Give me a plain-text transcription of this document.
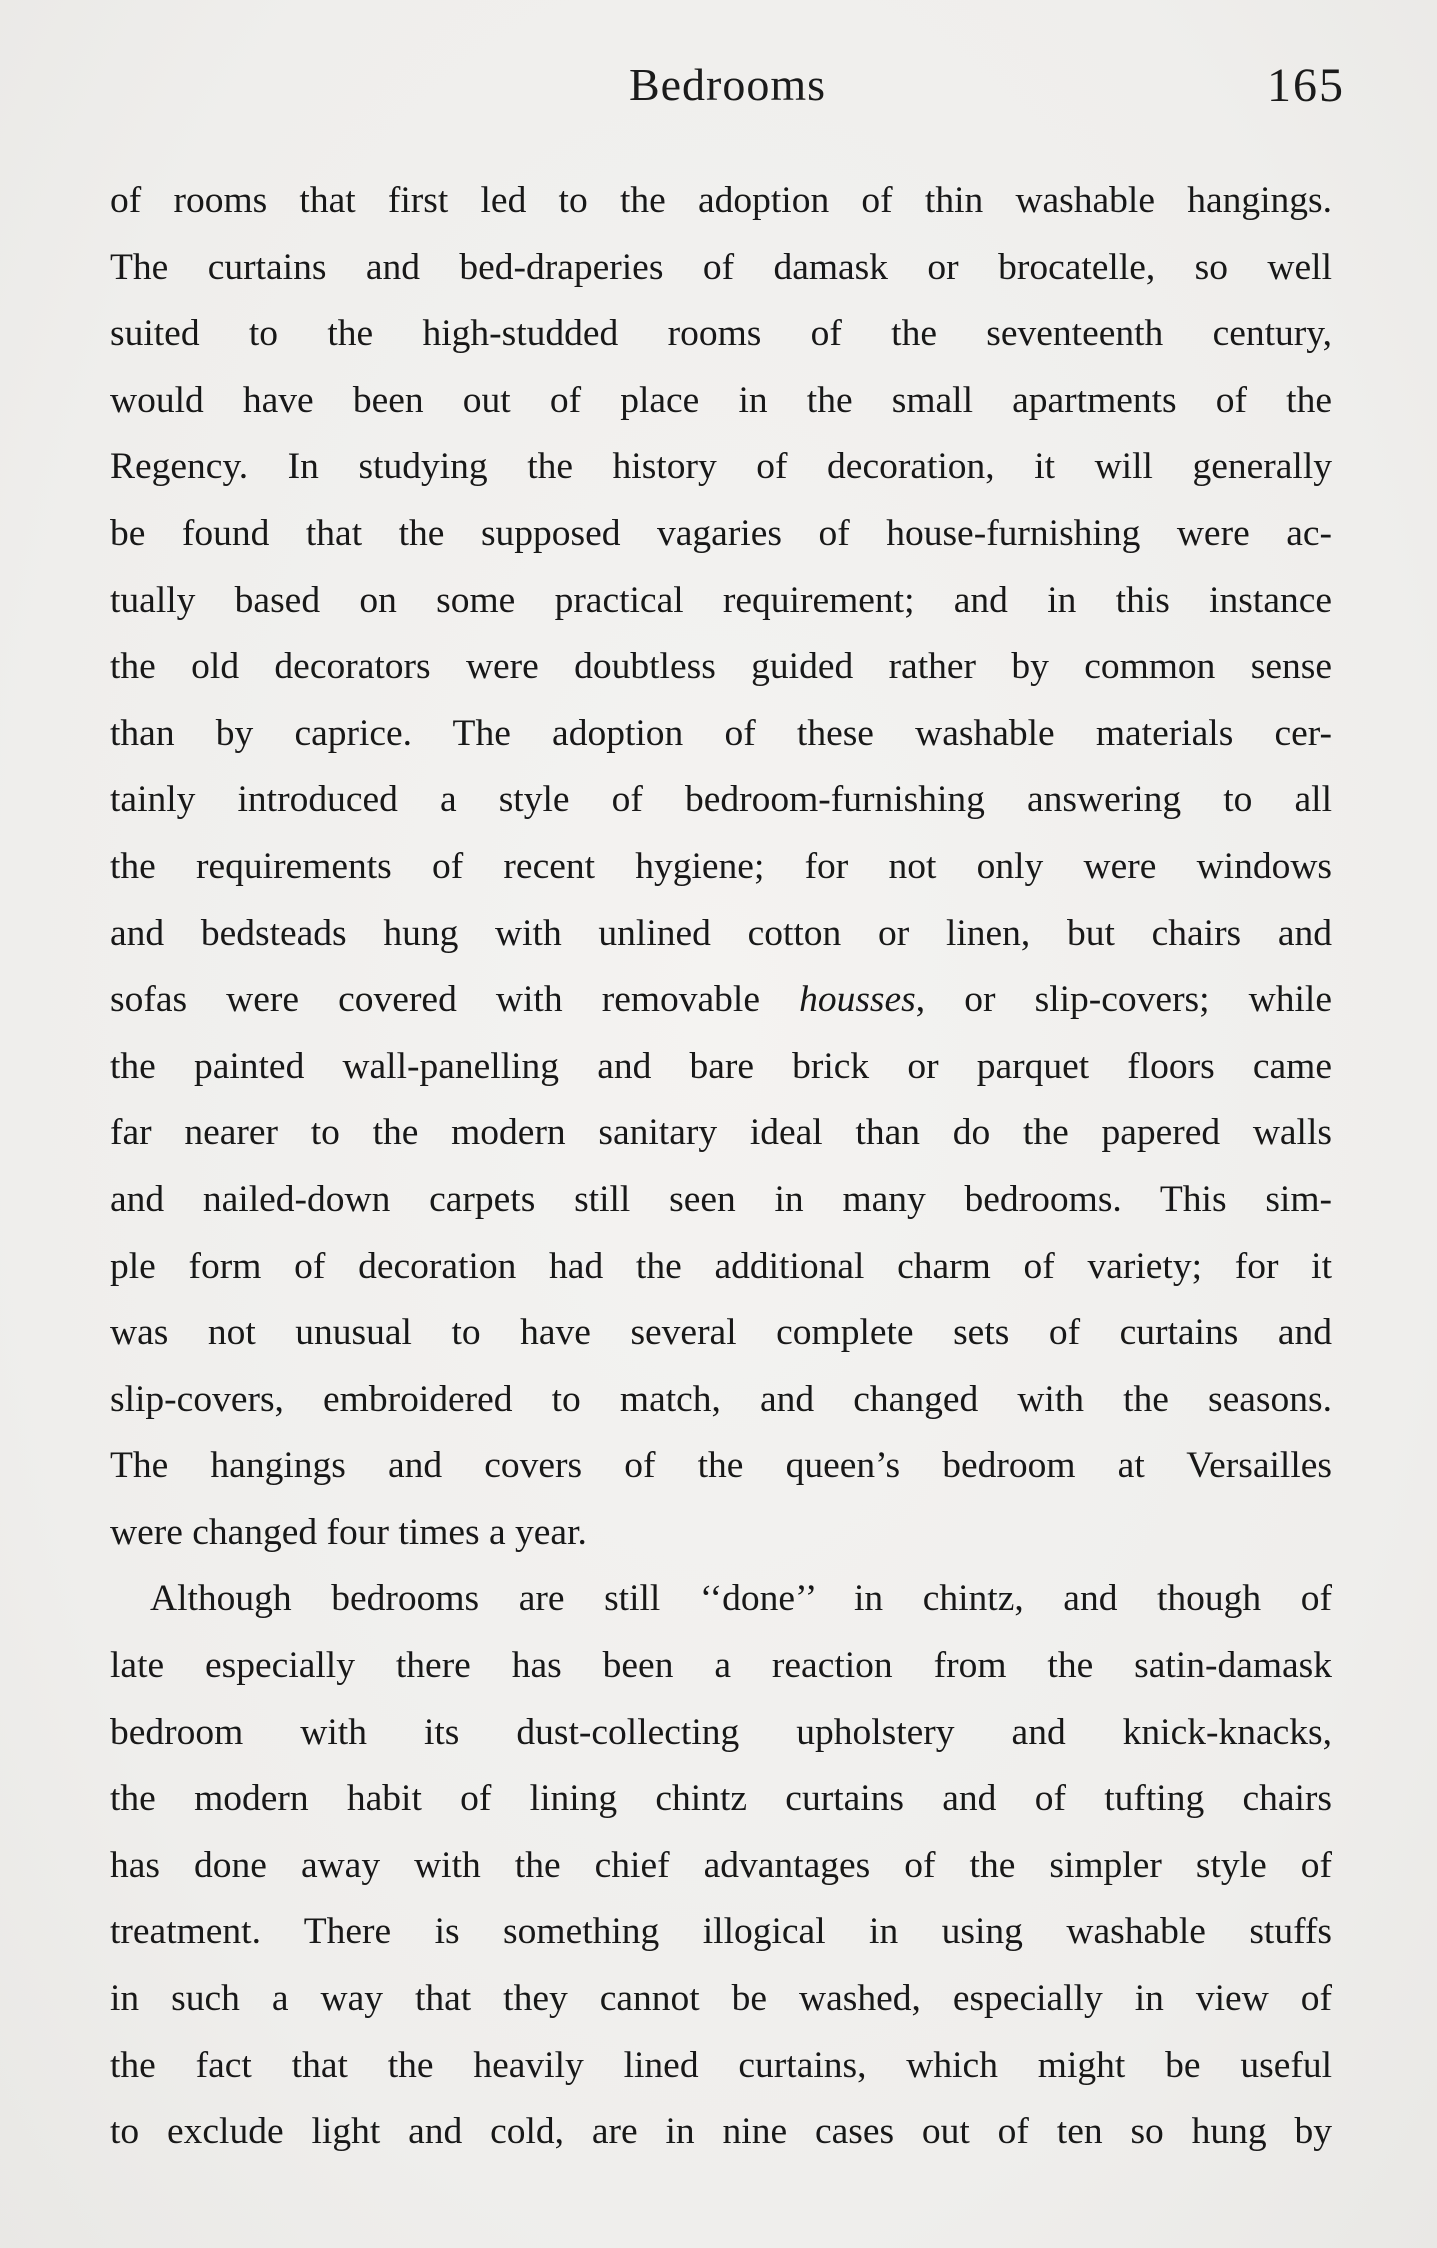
Bedrooms	165
of rooms that first led to the adoption of thin washable hangings.
The curtains and bed-draperies of damask or brocatelle, so well
suited to the high-studded rooms of the seventeenth century,
would have been out of place in the small apartments of the
Regency. In studying the history of decoration, it will generally
be found that the supposed vagaries of house-furnishing were ac-
tually based on some practical requirement; and in this instance
the old decorators were doubtless guided rather by common sense
than by caprice. The adoption of these washable materials cer-
tainly introduced a style of bedroom-furnishing answering to all
the requirements of recent hygiene; for not only were windows
and bedsteads hung with unlined cotton or linen, but chairs and
sofas were covered with removable housses, or slip-covers; while
the painted wall-panelling and bare brick or parquet floors came
far nearer to the modern sanitary ideal than do the papered walls
and nailed-down carpets still seen in many bedrooms. This sim-
ple form of decoration had the additional charm of variety; for it
was not unusual to have several complete sets of curtains and
slip-covers, embroidered to match, and changed with the seasons.
The hangings and covers of the queen’s bedroom at Versailles
were changed four times a year.
Although bedrooms are still ‘‘done’’ in chintz, and though of
late especially there has been a reaction from the satin-damask
bedroom with its dust-collecting upholstery and knick-knacks,
the modern habit of lining chintz curtains and of tufting chairs
has done away with the chief advantages of the simpler style of
treatment. There is something illogical in using washable stuffs
in such a way that they cannot be washed, especially in view of
the fact that the heavily lined curtains, which might be useful
to exclude light and cold, are in nine cases out of ten so hung by
